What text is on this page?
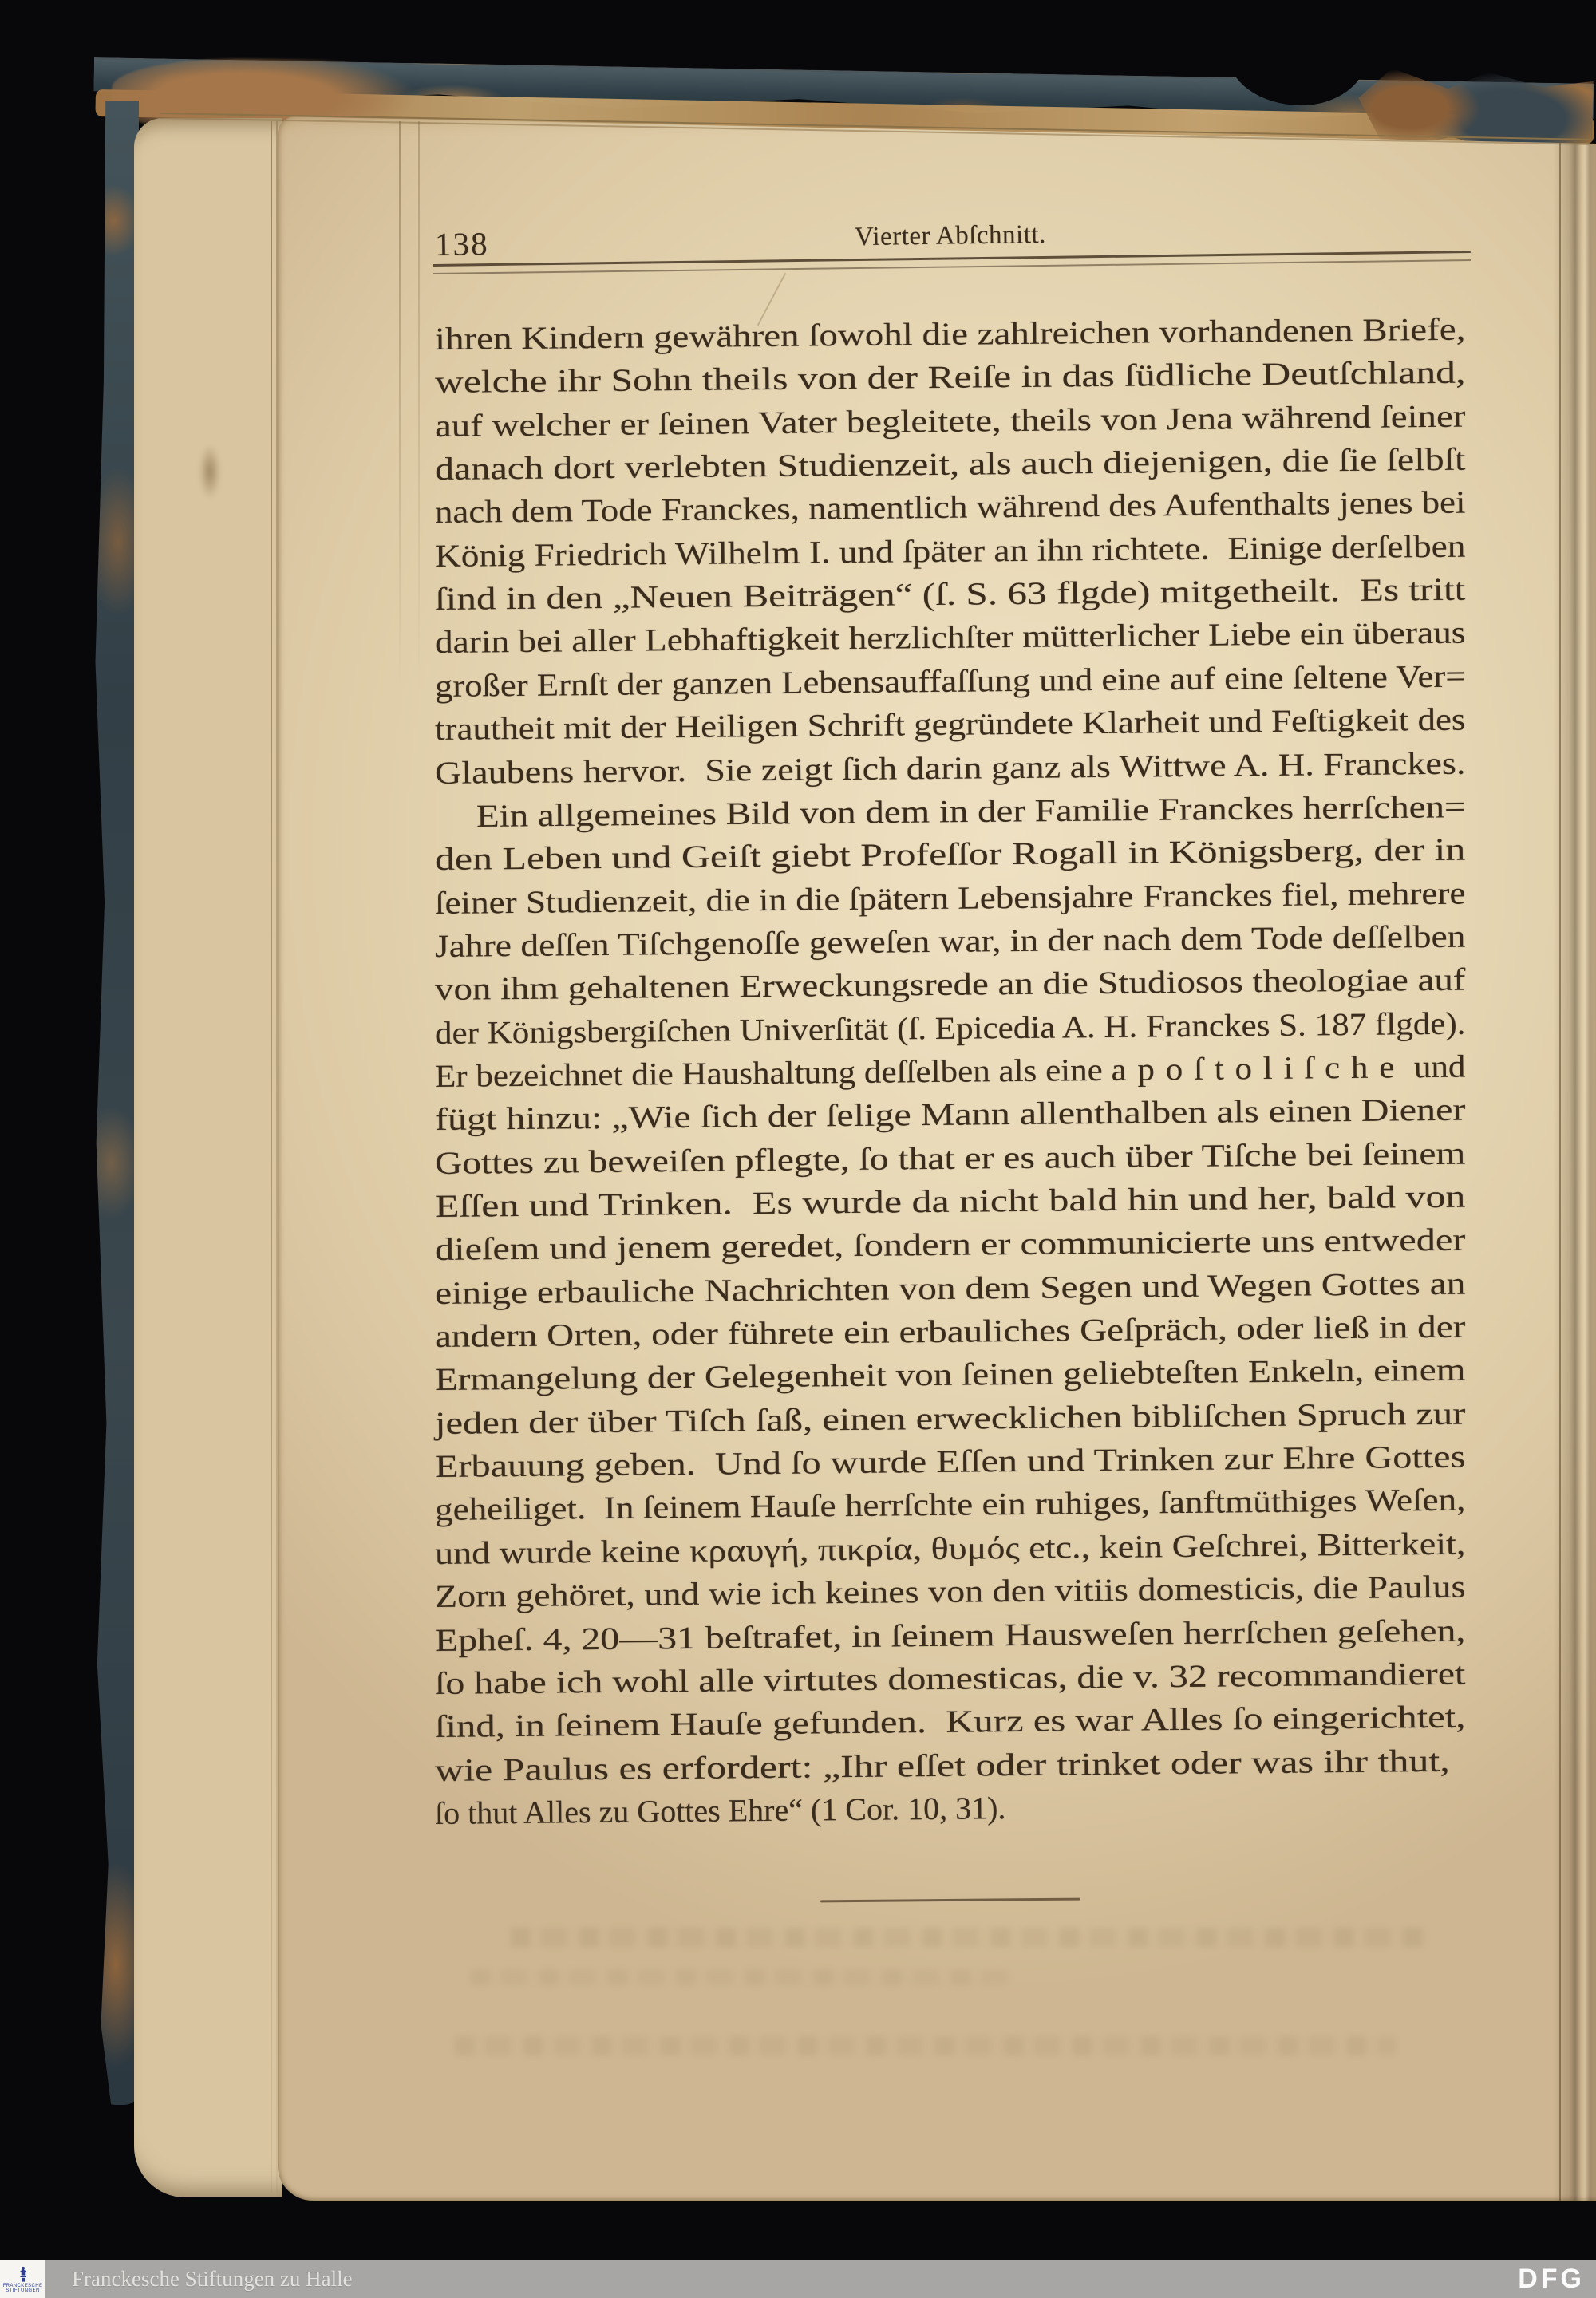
138	Vierter Abſchnitt.
ihren Kindern gewähren ſowohl die zahlreichen vorhandenen Briefe,
welche ihr Sohn theils von der Reiſe in das ſüdliche Deutſchland,
auf welcher er ſeinen Vater begleitete, theils von Jena während ſeiner
danach dort verlebten Studienzeit, als auch diejenigen, die ſie ſelbſt
nach dem Tode Franckes, namentlich während des Aufenthalts jenes bei
König Friedrich Wilhelm I. und ſpäter an ihn richtete.  Einige derſelben
ſind in den „Neuen Beiträgen“ (ſ. S. 63 flgde) mitgetheilt.  Es tritt
darin bei aller Lebhaftigkeit herzlichſter mütterlicher Liebe ein überaus
großer Ernſt der ganzen Lebensauffaſſung und eine auf eine ſeltene Ver=
trautheit mit der Heiligen Schrift gegründete Klarheit und Feſtigkeit des
Glaubens hervor.  Sie zeigt ſich darin ganz als Wittwe A. H. Franckes.
Ein allgemeines Bild von dem in der Familie Franckes herrſchen=
den Leben und Geiſt giebt Profeſſor Rogall in Königsberg, der in
ſeiner Studienzeit, die in die ſpätern Lebensjahre Franckes fiel, mehrere
Jahre deſſen Tiſchgenoſſe geweſen war, in der nach dem Tode deſſelben
von ihm gehaltenen Erweckungsrede an die Studiosos theologiae auf
der Königsbergiſchen Univerſität (ſ. Epicedia A. H. Franckes S. 187 flgde).
Er bezeichnet die Haushaltung deſſelben als eine apoſtoliſche und
fügt hinzu: „Wie ſich der ſelige Mann allenthalben als einen Diener
Gottes zu beweiſen pflegte, ſo that er es auch über Tiſche bei ſeinem
Eſſen und Trinken.  Es wurde da nicht bald hin und her, bald von
dieſem und jenem geredet, ſondern er communicierte uns entweder
einige erbauliche Nachrichten von dem Segen und Wegen Gottes an
andern Orten, oder führete ein erbauliches Geſpräch, oder ließ in der
Ermangelung der Gelegenheit von ſeinen geliebteſten Enkeln, einem
jeden der über Tiſch ſaß, einen erwecklichen bibliſchen Spruch zur
Erbauung geben.  Und ſo wurde Eſſen und Trinken zur Ehre Gottes
geheiliget.  In ſeinem Hauſe herrſchte ein ruhiges, ſanftmüthiges Weſen,
und wurde keine κραυγή, πικρία, θυμός etc., kein Geſchrei, Bitterkeit,
Zorn gehöret, und wie ich keines von den vitiis domesticis, die Paulus
Epheſ. 4, 20—31 beſtrafet, in ſeinem Hausweſen herrſchen geſehen,
ſo habe ich wohl alle virtutes domesticas, die v. 32 recommandieret
ſind, in ſeinem Hauſe gefunden.  Kurz es war Alles ſo eingerichtet,
wie Paulus es erfordert: „Ihr eſſet oder trinket oder was ihr thut,
ſo thut Alles zu Gottes Ehre“ (1 Cor. 10, 31).
FRANCKESCHE
STIFTUNGEN Franckesche Stiftungen zu Halle	DFG
